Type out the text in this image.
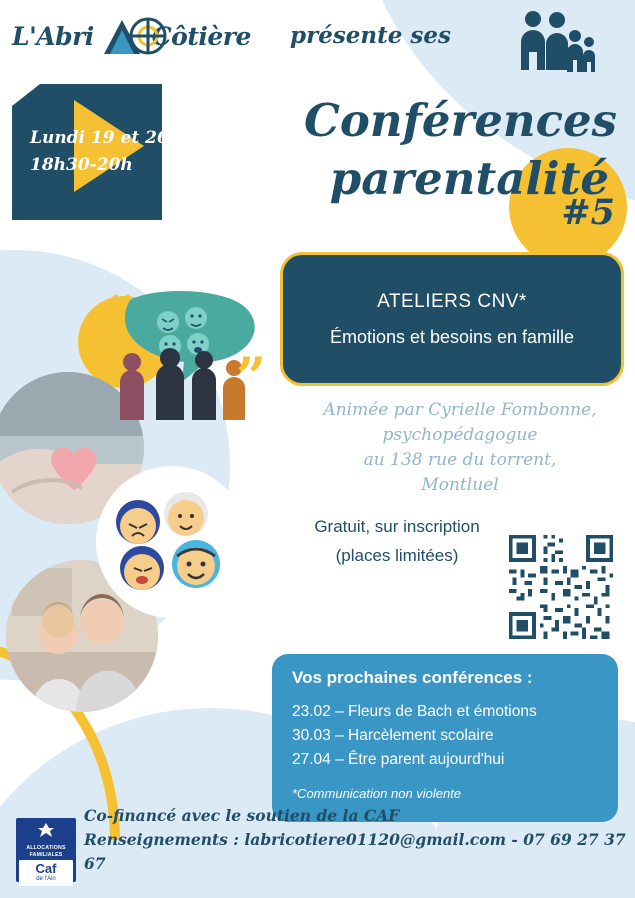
L'Abri Côtière présente ses
Lundi 19 et 26/01
18h30-20h
Conférences
parentalité
#5
ATELIERS CNV*
Émotions et besoins en famille
Animée par Cyrielle Fombonne,
psychopédagogue
au 138 rue du torrent,
Montluel
Gratuit, sur inscription
(places limitées)
Vos prochaines conférences :
23.02 – Fleurs de Bach et émotions
30.03 – Harcèlement scolaire
27.04 – Être parent aujourd'hui
*Communication non violente
“
”
ALLOCATIONS FAMILIALES
Caf
de l'Ain
Co-financé avec le soutien de la CAF
Renseignements : labricotiere01120@gmail.com - 07 69 27 37 67
